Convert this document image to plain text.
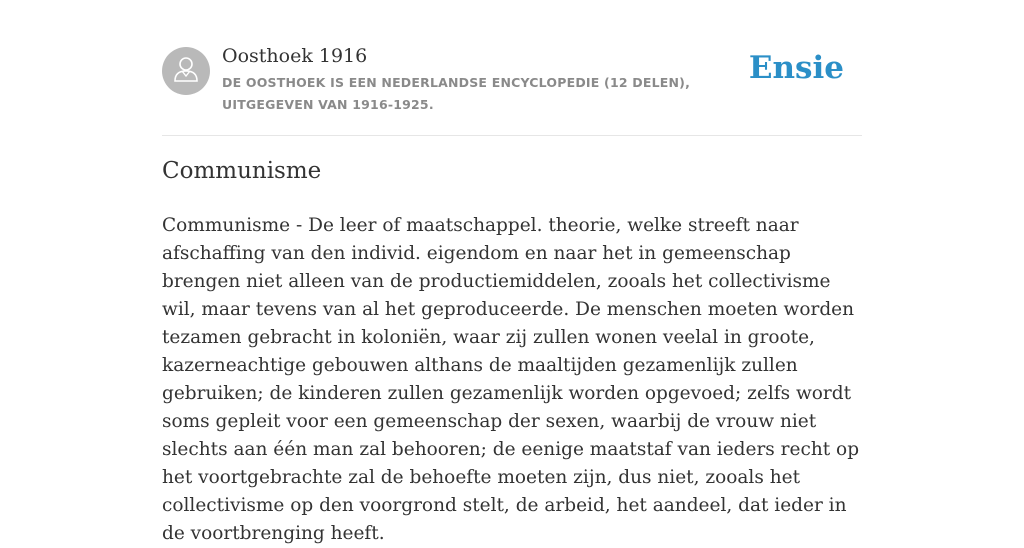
Oosthoek 1916
DE OOSTHOEK IS EEN NEDERLANDSE ENCYCLOPEDIE (12 DELEN), UITGEGEVEN VAN 1916-1925.
Ensie
Communisme

Communisme - De leer of maatschappel. theorie, welke streeft naar afschaffing van den individ. eigendom en naar het in gemeenschap brengen niet alleen van de productiemiddelen, zooals het collectivisme wil, maar tevens van al het geproduceerde. De menschen moeten worden tezamen gebracht in koloniën, waar zij zullen wonen veelal in groote, kazerneachtige gebouwen althans de maaltijden gezamenlijk zullen gebruiken; de kinderen zullen gezamenlijk worden opgevoed; zelfs wordt soms gepleit voor een gemeenschap der sexen, waarbij de vrouw niet slechts aan één man zal behooren; de eenige maatstaf van ieders recht op het voortgebrachte zal de behoefte moeten zijn, dus niet, zooals het collectivisme op den voorgrond stelt, de arbeid, het aandeel, dat ieder in de voortbrenging heeft.
